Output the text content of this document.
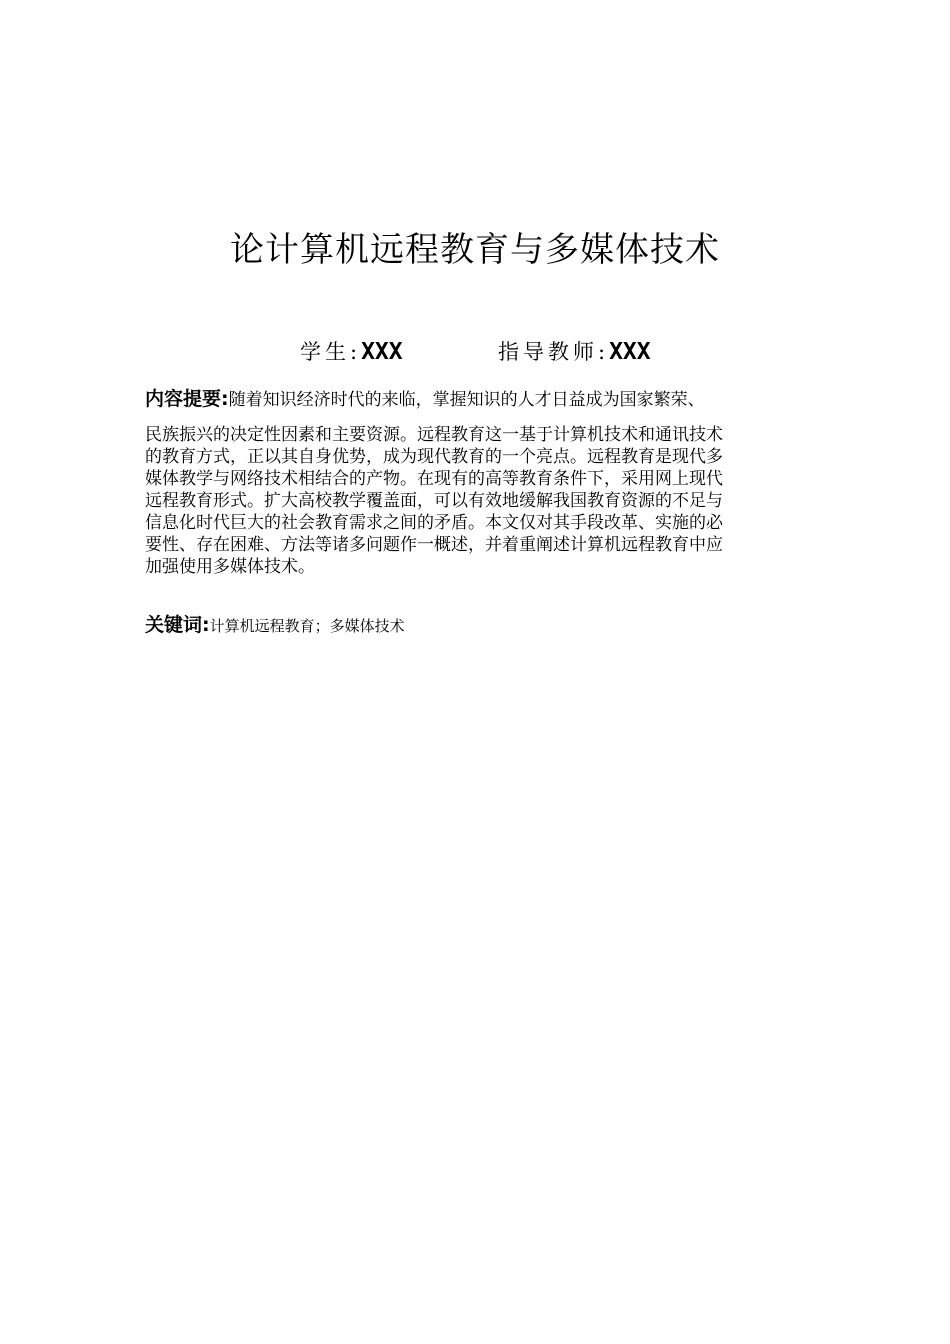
论计算机远程教育与多媒体技术
学生:XXX	指导教师:XXX
内容提要:随着知识经济时代的来临，掌握知识的人才日益成为国家繁荣、
民族振兴的决定性因素和主要资源。远程教育这一基于计算机技术和通讯技术
的教育方式，正以其自身优势，成为现代教育的一个亮点。远程教育是现代多
媒体教学与网络技术相结合的产物。在现有的高等教育条件下，采用网上现代
远程教育形式。扩大高校教学覆盖面，可以有效地缓解我国教育资源的不足与
信息化时代巨大的社会教育需求之间的矛盾。本文仅对其手段改革、实施的必
要性、存在困难、方法等诸多问题作一概述，并着重阐述计算机远程教育中应
加强使用多媒体技术。
关键词:计算机远程教育；多媒体技术
